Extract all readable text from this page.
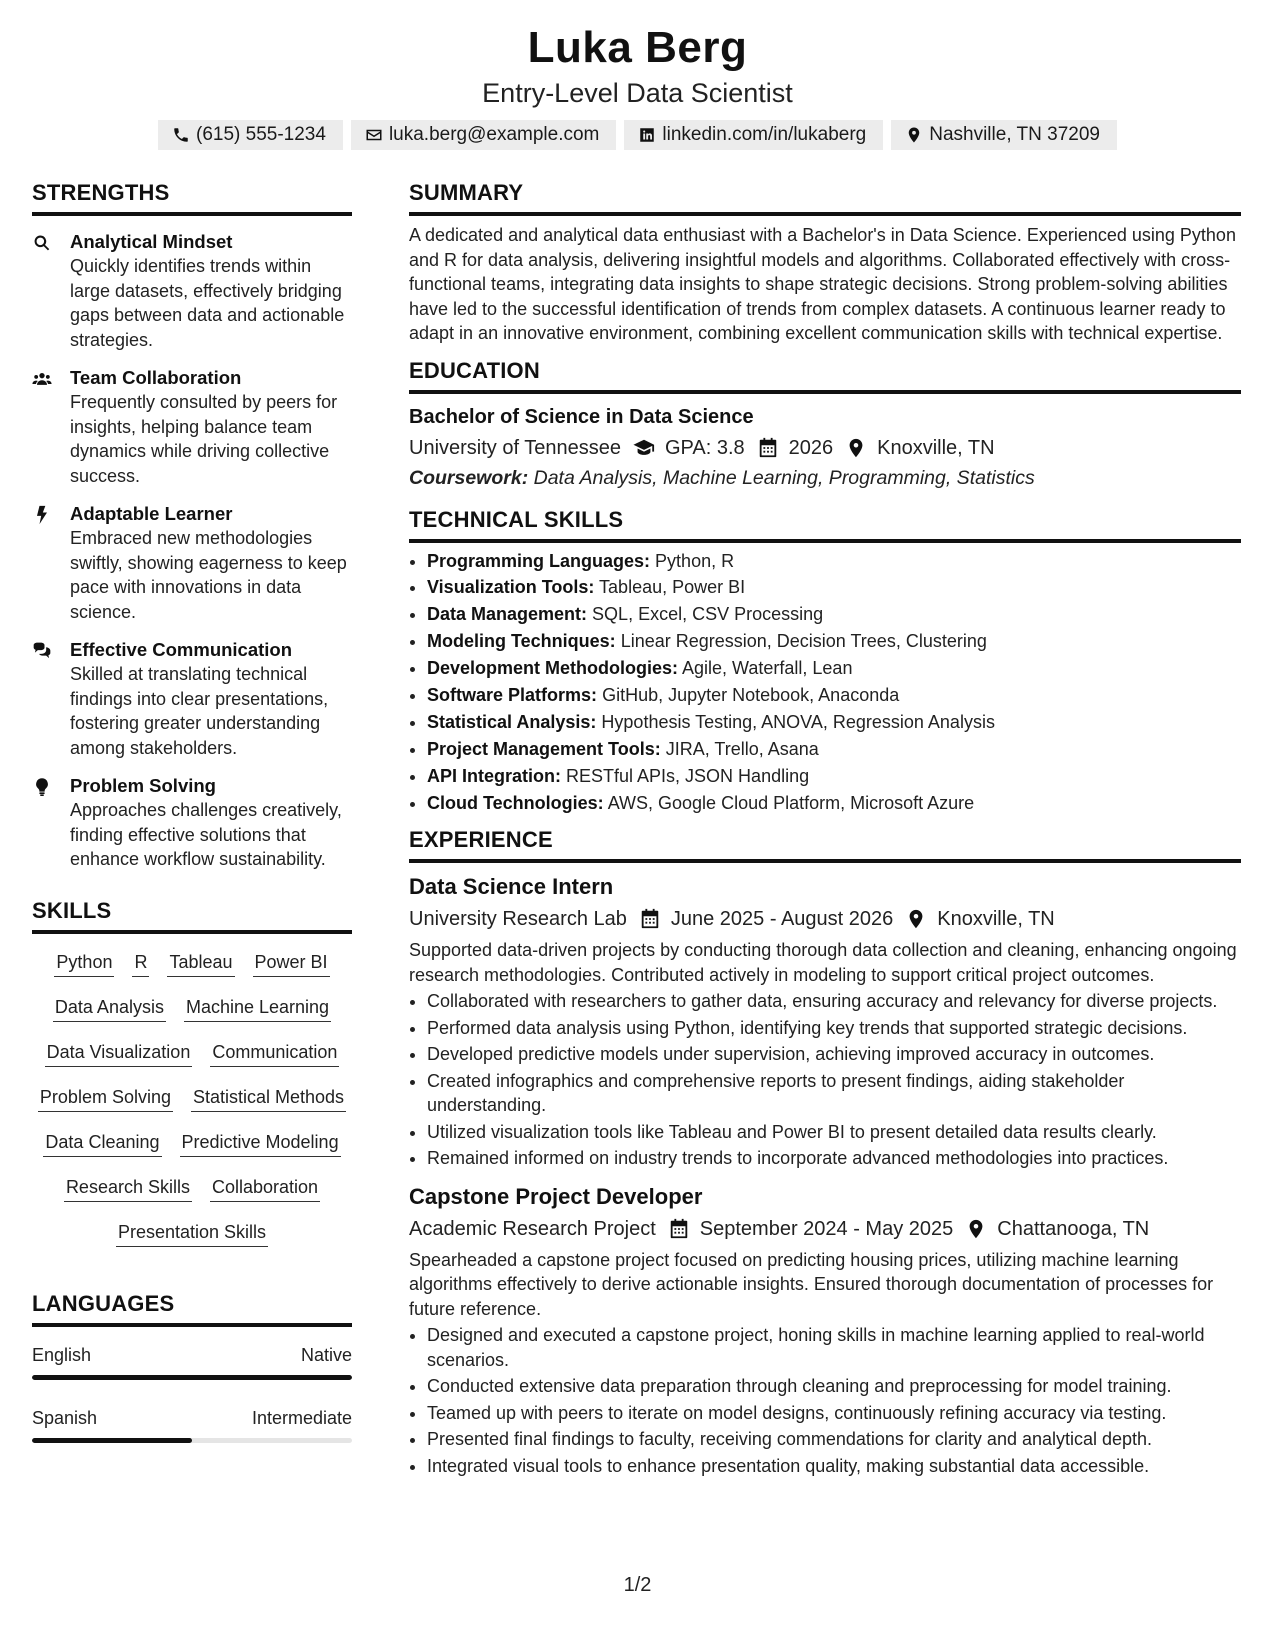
Luka Berg
Entry-Level Data Scientist
(615) 555-1234	luka.berg@example.com	linkedin.com/in/lukaberg	Nashville, TN 37209
STRENGTHS
Analytical Mindset
Quickly identifies trends within large datasets, effectively bridging gaps between data and actionable strategies.
Team Collaboration
Frequently consulted by peers for insights, helping balance team dynamics while driving collective success.
Adaptable Learner
Embraced new methodologies swiftly, showing eagerness to keep pace with innovations in data science.
Effective Communication
Skilled at translating technical findings into clear presentations, fostering greater understanding among stakeholders.
Problem Solving
Approaches challenges creatively, finding effective solutions that enhance workflow sustainability.
SKILLS
Python R Tableau Power BI
Data Analysis Machine Learning
Data Visualization Communication
Problem Solving Statistical Methods
Data Cleaning Predictive Modeling
Research Skills Collaboration
Presentation Skills
LANGUAGES
English	Native
Spanish	Intermediate
SUMMARY
A dedicated and analytical data enthusiast with a Bachelor's in Data Science. Experienced using Python and R for data analysis, delivering insightful models and algorithms. Collaborated effectively with cross-functional teams, integrating data insights to shape strategic decisions. Strong problem-solving abilities have led to the successful identification of trends from complex datasets. A continuous learner ready to adapt in an innovative environment, combining excellent communication skills with technical expertise.
EDUCATION
Bachelor of Science in Data Science
University of Tennessee GPA: 3.8 2026 Knoxville, TN
Coursework: Data Analysis, Machine Learning, Programming, Statistics
TECHNICAL SKILLS
• Programming Languages: Python, R
• Visualization Tools: Tableau, Power BI
• Data Management: SQL, Excel, CSV Processing
• Modeling Techniques: Linear Regression, Decision Trees, Clustering
• Development Methodologies: Agile, Waterfall, Lean
• Software Platforms: GitHub, Jupyter Notebook, Anaconda
• Statistical Analysis: Hypothesis Testing, ANOVA, Regression Analysis
• Project Management Tools: JIRA, Trello, Asana
• API Integration: RESTful APIs, JSON Handling
• Cloud Technologies: AWS, Google Cloud Platform, Microsoft Azure
EXPERIENCE
Data Science Intern
University Research Lab June 2025 - August 2026 Knoxville, TN
Supported data-driven projects by conducting thorough data collection and cleaning, enhancing ongoing research methodologies. Contributed actively in modeling to support critical project outcomes.
• Collaborated with researchers to gather data, ensuring accuracy and relevancy for diverse projects.
• Performed data analysis using Python, identifying key trends that supported strategic decisions.
• Developed predictive models under supervision, achieving improved accuracy in outcomes.
• Created infographics and comprehensive reports to present findings, aiding stakeholder understanding.
• Utilized visualization tools like Tableau and Power BI to present detailed data results clearly.
• Remained informed on industry trends to incorporate advanced methodologies into practices.
Capstone Project Developer
Academic Research Project September 2024 - May 2025 Chattanooga, TN
Spearheaded a capstone project focused on predicting housing prices, utilizing machine learning algorithms effectively to derive actionable insights. Ensured thorough documentation of processes for future reference.
• Designed and executed a capstone project, honing skills in machine learning applied to real-world scenarios.
• Conducted extensive data preparation through cleaning and preprocessing for model training.
• Teamed up with peers to iterate on model designs, continuously refining accuracy via testing.
• Presented final findings to faculty, receiving commendations for clarity and analytical depth.
• Integrated visual tools to enhance presentation quality, making substantial data accessible.
1/2
